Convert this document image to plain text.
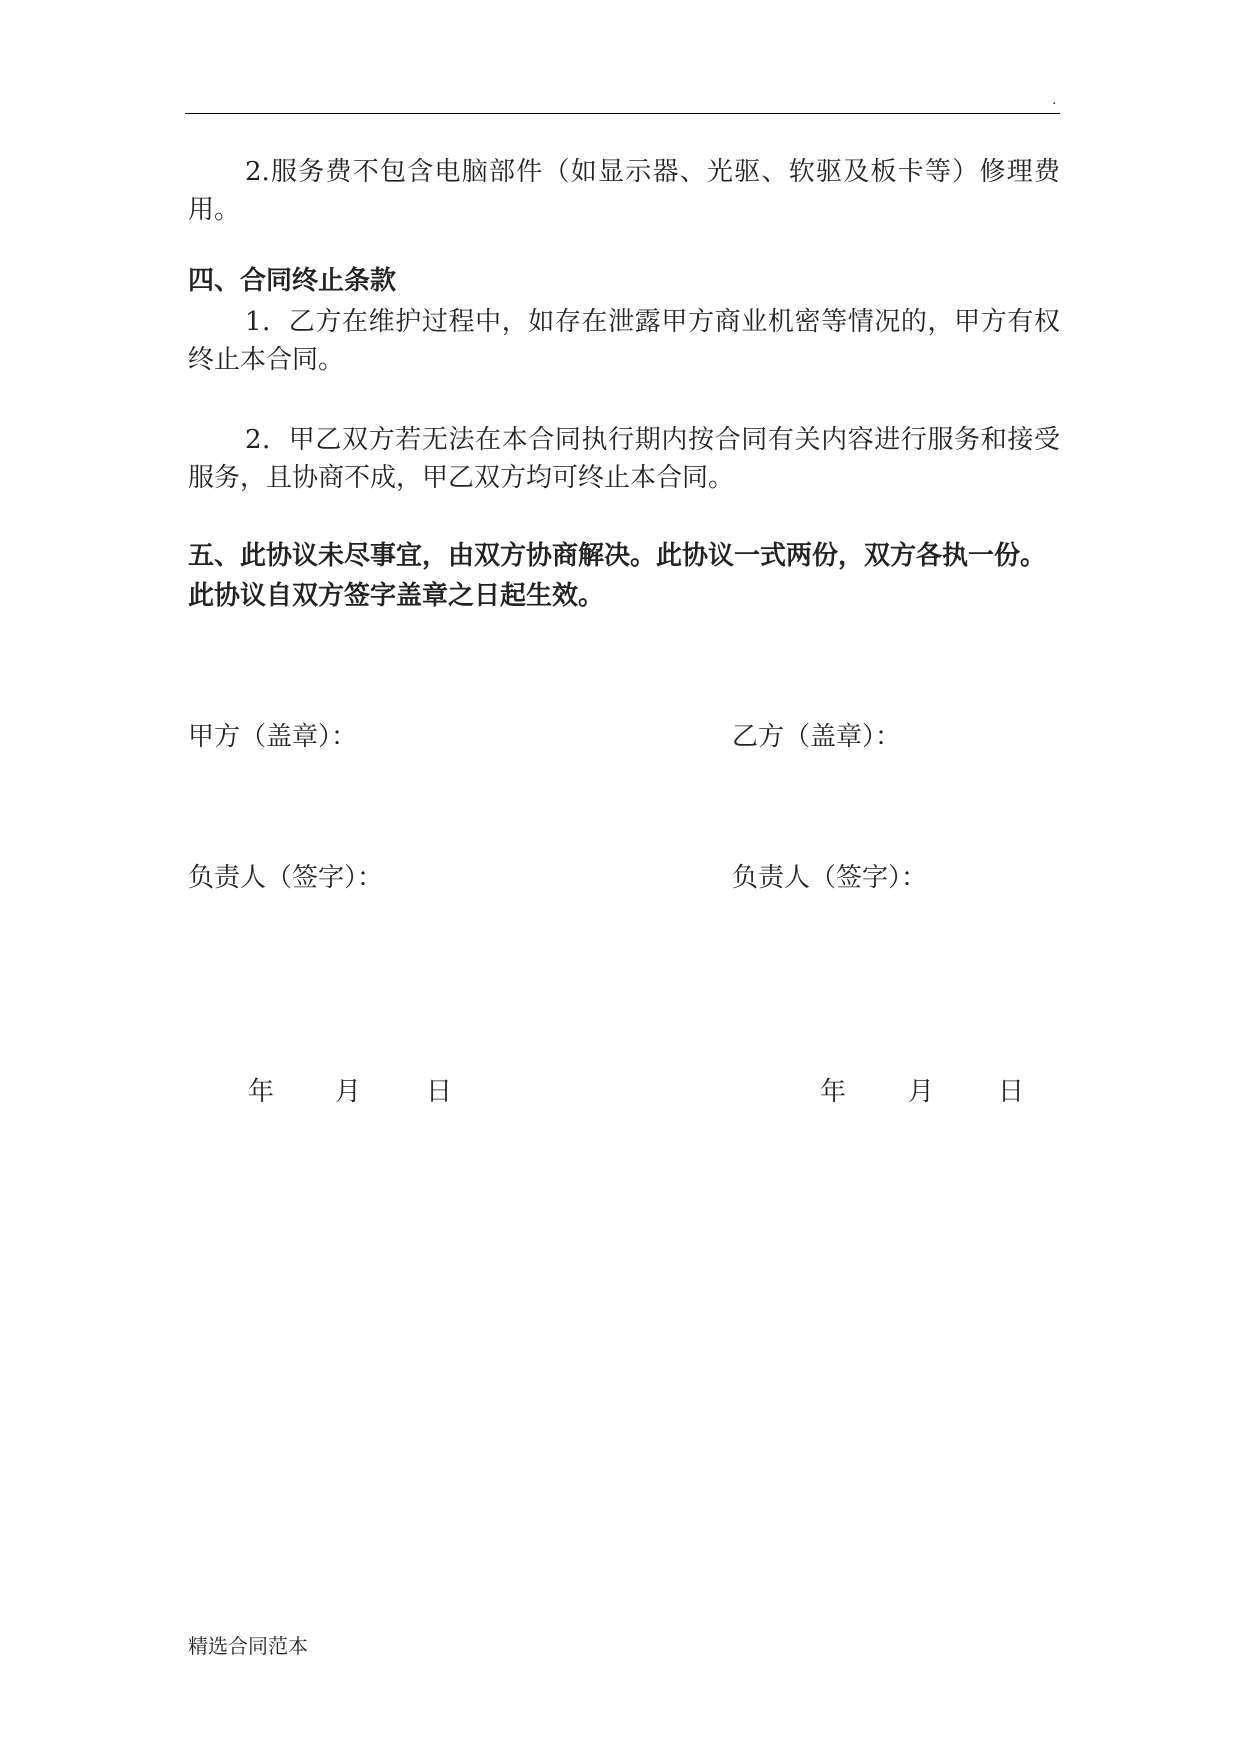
.

2.服务费不包含电脑部件（如显示器、光驱、软驱及板卡等）修理费用。

四、合同终止条款

1．乙方在维护过程中，如存在泄露甲方商业机密等情况的，甲方有权终止本合同。

2．甲乙双方若无法在本合同执行期内按合同有关内容进行服务和接受服务，且协商不成，甲乙双方均可终止本合同。

五、此协议未尽事宜，由双方协商解决。此协议一式两份，双方各执一份。此协议自双方签字盖章之日起生效。

甲方（盖章）：	乙方（盖章）：
负责人（签字）：	负责人（签字）：
年 月 日	年 月 日
精选合同范本
